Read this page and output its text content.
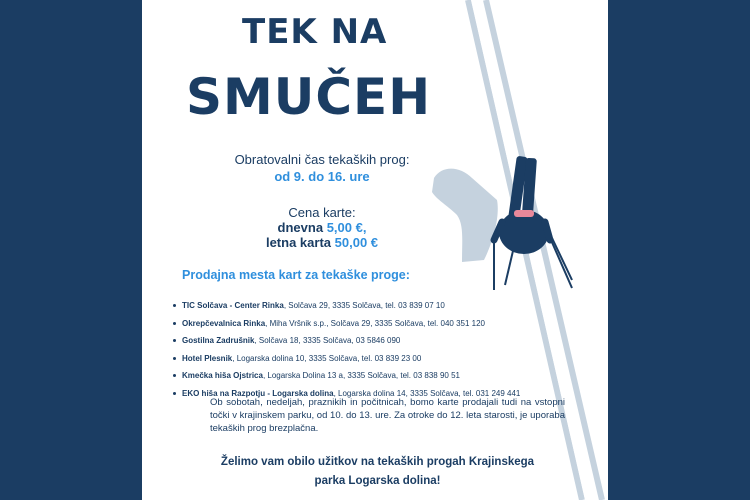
TEK NA
SMUČEH
Obratovalni čas tekaških prog:
od 9. do 16. ure
Cena karte:
dnevna 5,00 €,
letna karta 50,00 €
Prodajna mesta kart za tekaške proge:
TIC Solčava - Center Rinka, Solčava 29, 3335 Solčava, tel. 03 839 07 10
Okrepčevalnica Rinka, Miha Vršnik s.p., Solčava 29, 3335 Solčava, tel. 040 351 120
Gostilna Zadrušnik, Solčava 18, 3335 Solčava, 03 5846 090
Hotel Plesnik, Logarska dolina 10, 3335 Solčava, tel. 03 839 23 00
Kmečka hiša Ojstrica, Logarska Dolina 13 a, 3335 Solčava, tel. 03 838 90 51
EKO hiša na Razpotju - Logarska dolina, Logarska dolina 14, 3335 Solčava, tel. 031 249 441
Ob sobotah, nedeljah, praznikih in počitnicah, bomo karte prodajali tudi na vstopni točki v krajinskem parku, od 10. do 13. ure. Za otroke do 12. leta starosti, je uporaba tekaških prog brezplačna.
Želimo vam obilo užitkov na tekaških progah Krajinskega
parka Logarska dolina!
